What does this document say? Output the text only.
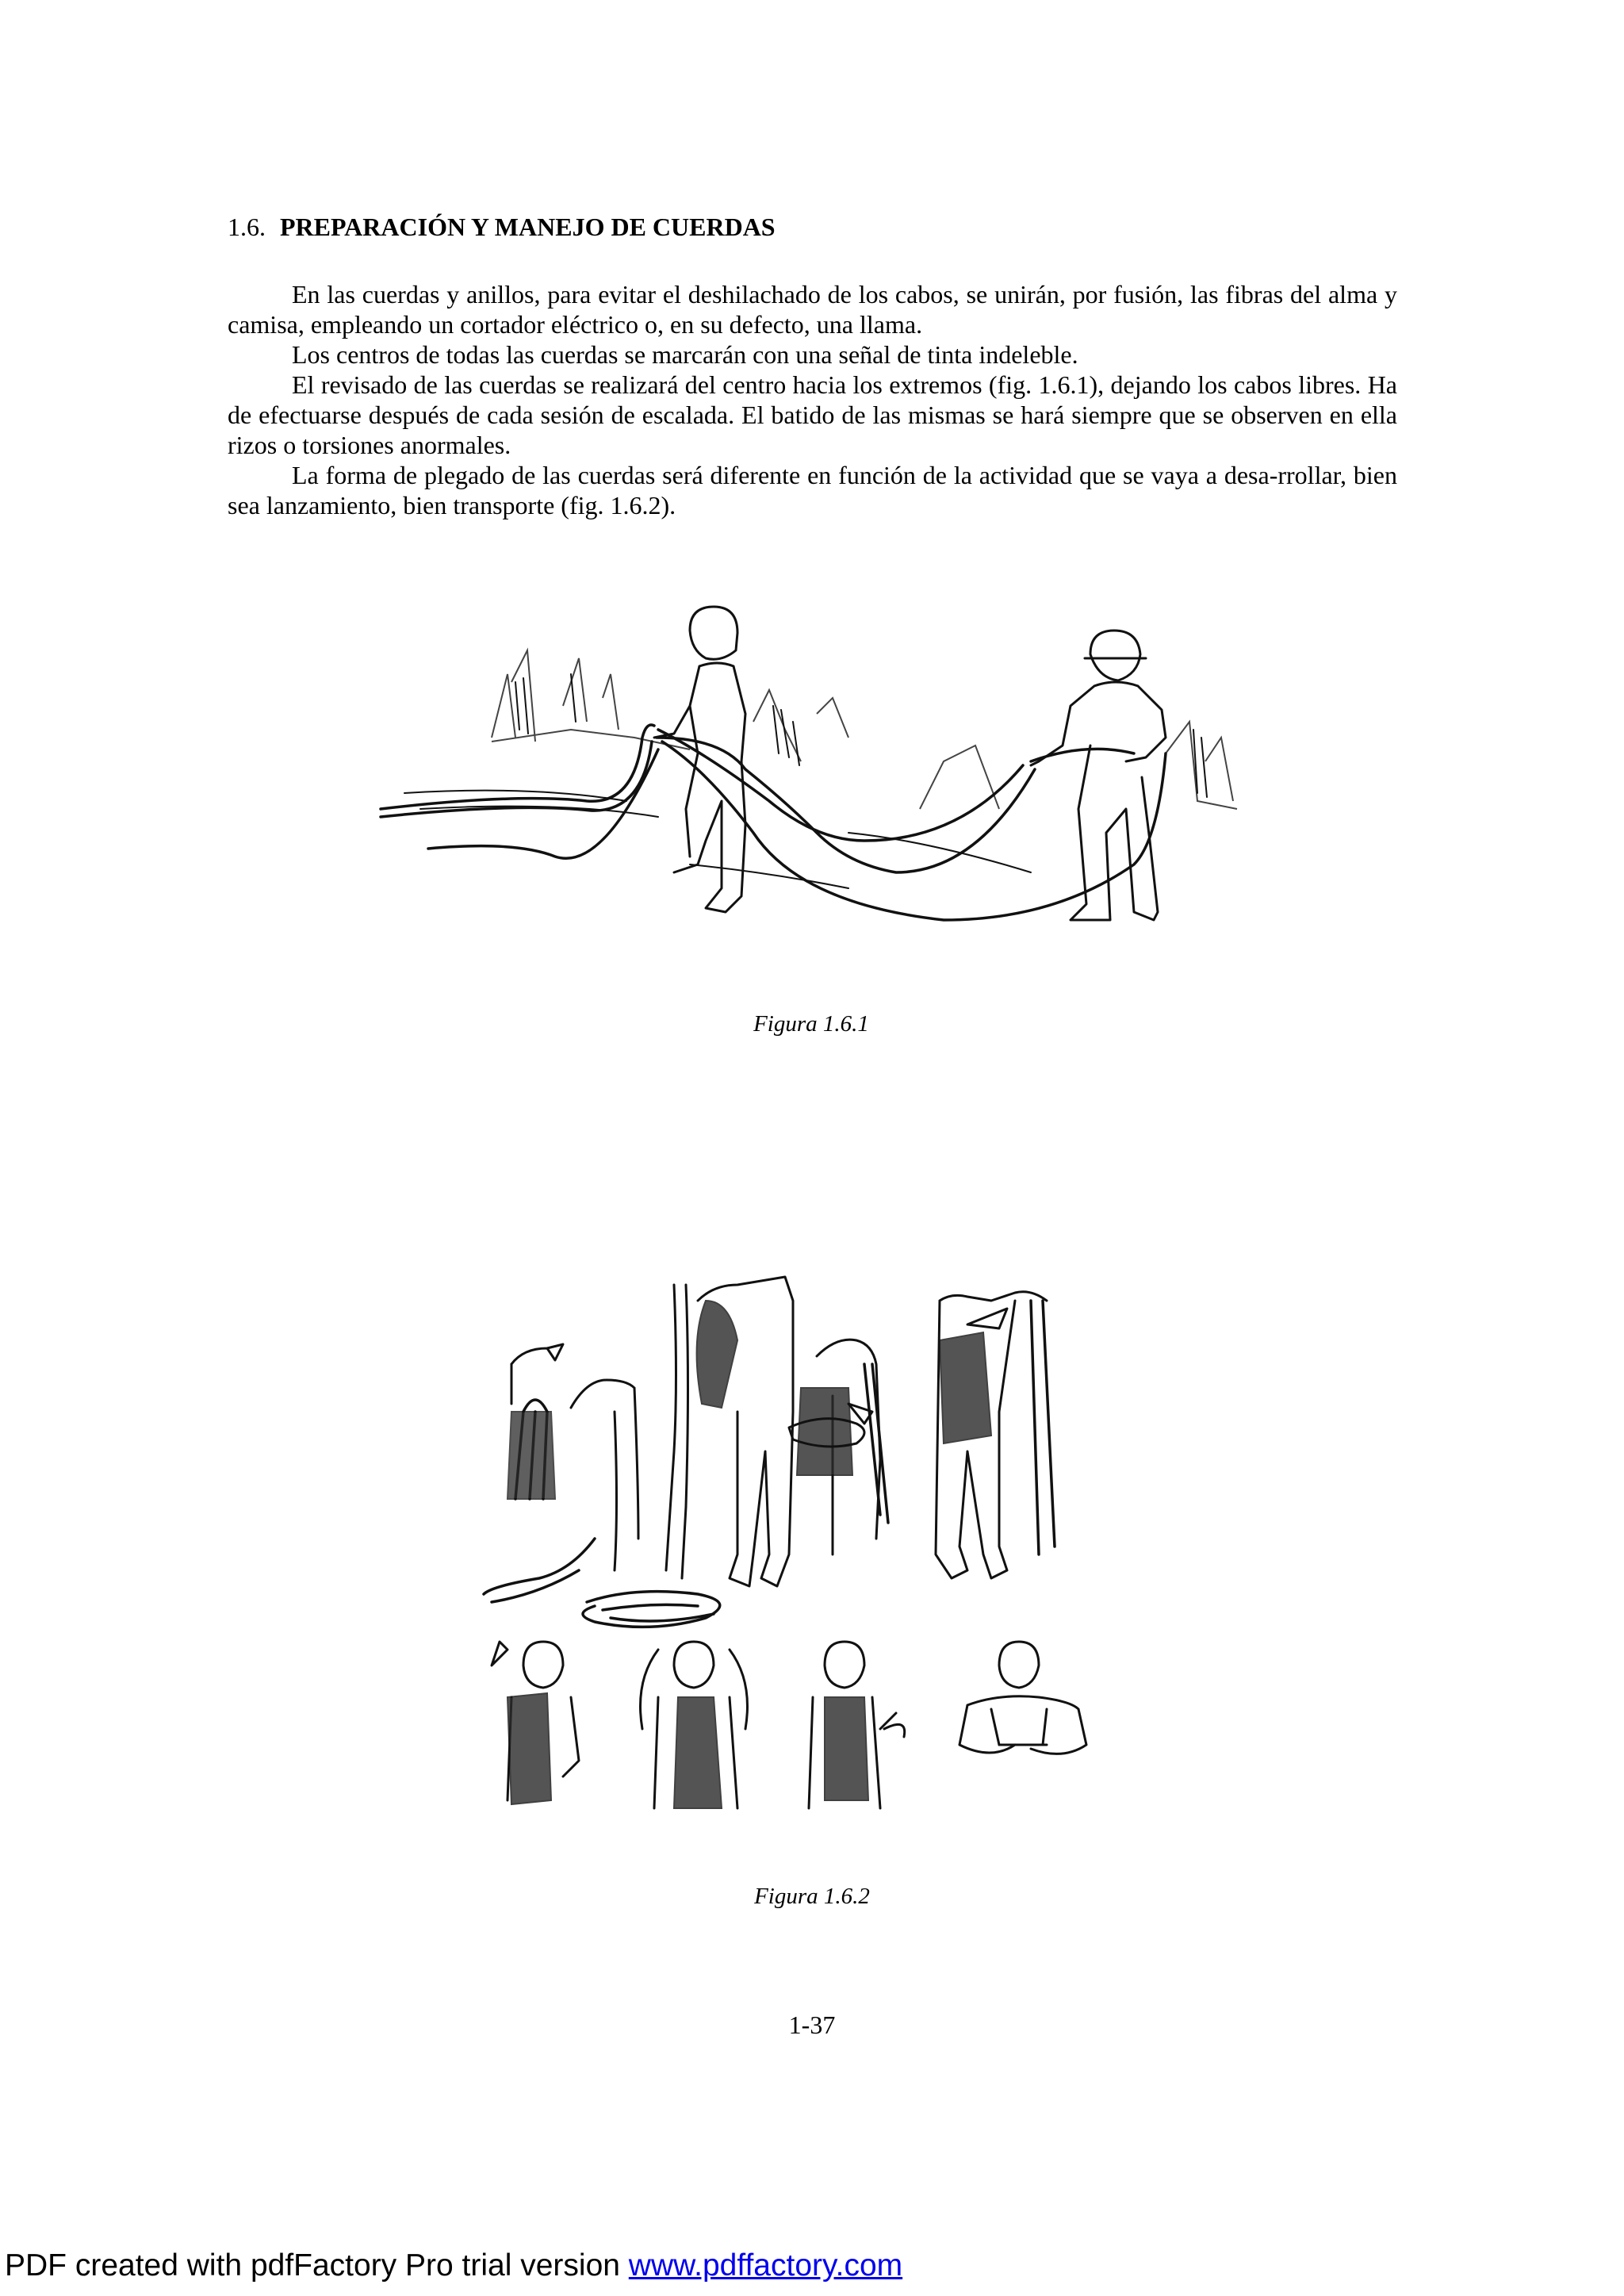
1.6. PREPARACIÓN Y MANEJO DE CUERDAS

En las cuerdas y anillos, para evitar el deshilachado de los cabos, se unirán, por fusión, las fibras del alma y camisa, empleando un cortador eléctrico o, en su defecto, una llama.

Los centros de todas las cuerdas se marcarán con una señal de tinta indeleble.

El revisado de las cuerdas se realizará del centro hacia los extremos (fig. 1.6.1), dejando los cabos libres. Ha de efectuarse después de cada sesión de escalada. El batido de las mismas se hará siempre que se observen en ella rizos o torsiones anormales.

La forma de plegado de las cuerdas será diferente en función de la actividad que se vaya a desa-rrollar, bien sea lanzamiento, bien transporte (fig. 1.6.2).

Figura 1.6.1
Figura 1.6.2
1-37
PDF created with pdfFactory Pro trial version www.pdffactory.com
